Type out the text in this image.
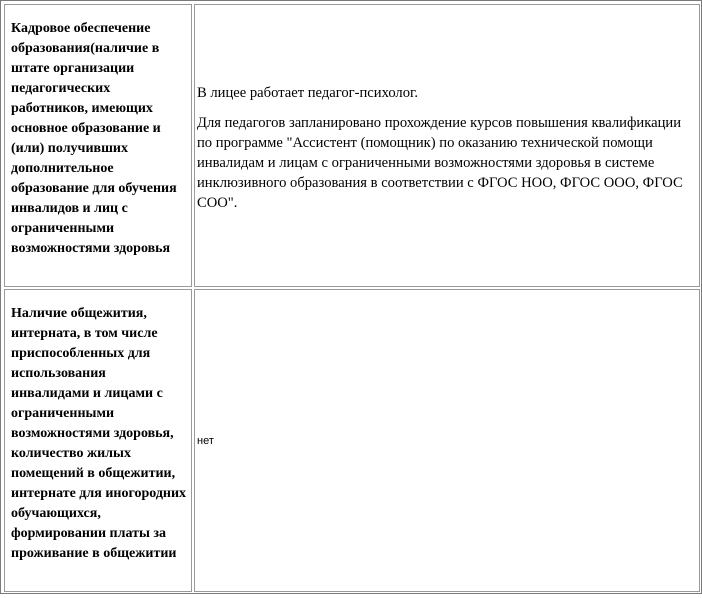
Кадровое обеспечение образования(наличие в штате организации педагогических работников, имеющих основное образование и (или) получивших дополнительное образование для обучения инвалидов и лиц с ограниченными возможностями здоровья

В лицее работает педагог-психолог.

Для педагогов запланировано прохождение курсов повышения квалификации по программе "Ассистент (помощник) по оказанию технической помощи инвалидам и лицам с ограниченными возможностями здоровья в системе инклюзивного образования в соответствии с ФГОС НОО, ФГОС ООО, ФГОС СОО".

Наличие общежития, интерната, в том числе приспособленных для использования инвалидами и лицами с ограниченными возможностями здоровья, количество жилых помещений в общежитии, интернате для иногородних обучающихся, формировании платы за проживание в общежитии
нет
